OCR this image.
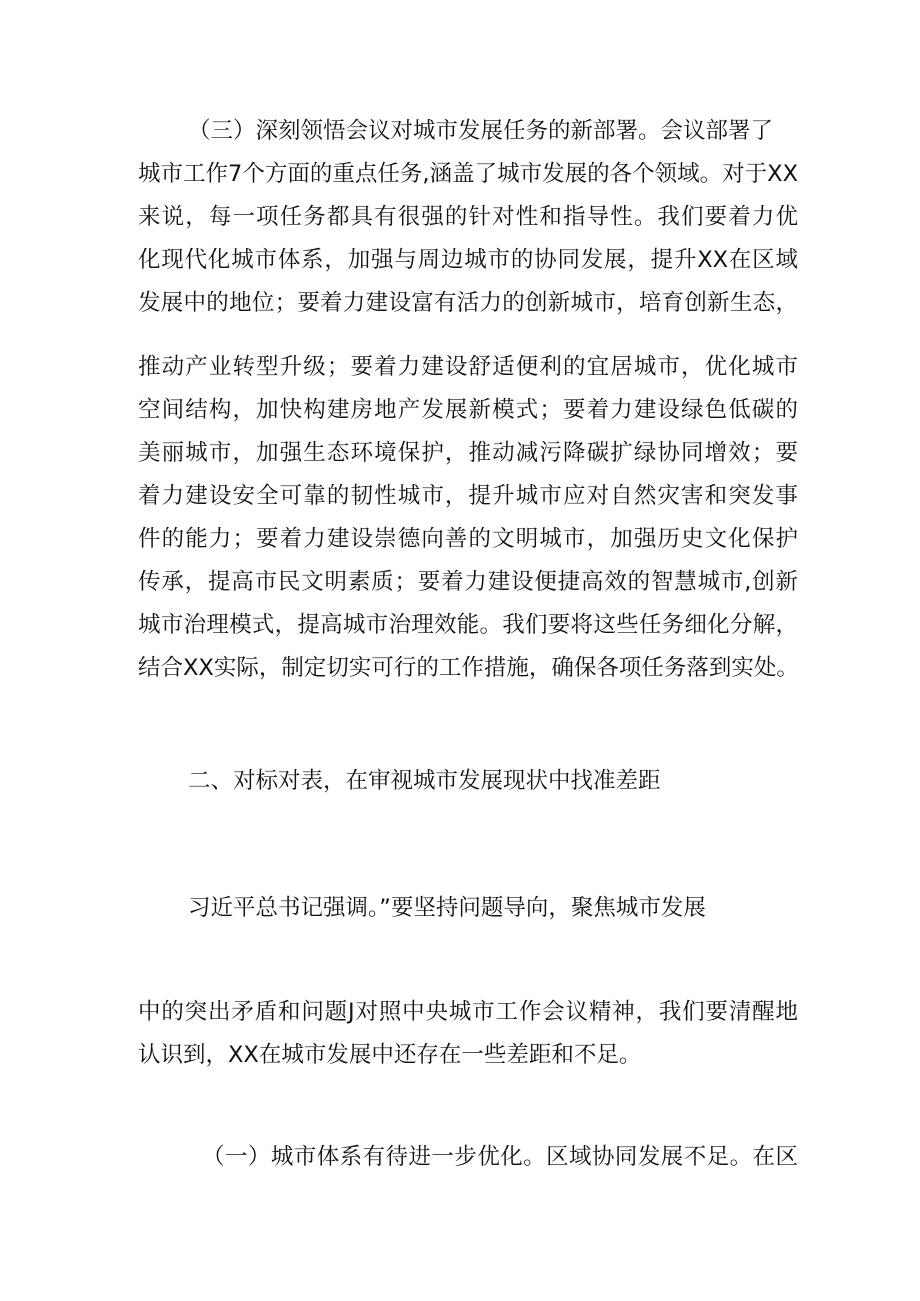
（三）深刻领悟会议对城市发展任务的新部署。会议部署了
城市工作7个方面的重点任务,涵盖了城市发展的各个领域。对于XX
来说，每一项任务都具有很强的针对性和指导性。我们要着力优
化现代化城市体系，加强与周边城市的协同发展，提升XX在区域
发展中的地位；要着力建设富有活力的创新城市，培育创新生态，
推动产业转型升级；要着力建设舒适便利的宜居城市，优化城市
空间结构，加快构建房地产发展新模式；要着力建设绿色低碳的
美丽城市，加强生态环境保护，推动减污降碳扩绿协同增效；要
着力建设安全可靠的韧性城市，提升城市应对自然灾害和突发事
件的能力；要着力建设崇德向善的文明城市，加强历史文化保护
传承，提高市民文明素质；要着力建设便捷高效的智慧城市,创新
城市治理模式，提高城市治理效能。我们要将这些任务细化分解，
结合XX实际，制定切实可行的工作措施，确保各项任务落到实处。
二、对标对表，在审视城市发展现状中找准差距
习近平总书记强调。”要坚持问题导向，聚焦城市发展
中的突出矛盾和问题J对照中央城市工作会议精神，我们要清醒地
认识到，XX在城市发展中还存在一些差距和不足。
（一）城市体系有待进一步优化。区域协同发展不足。在区
